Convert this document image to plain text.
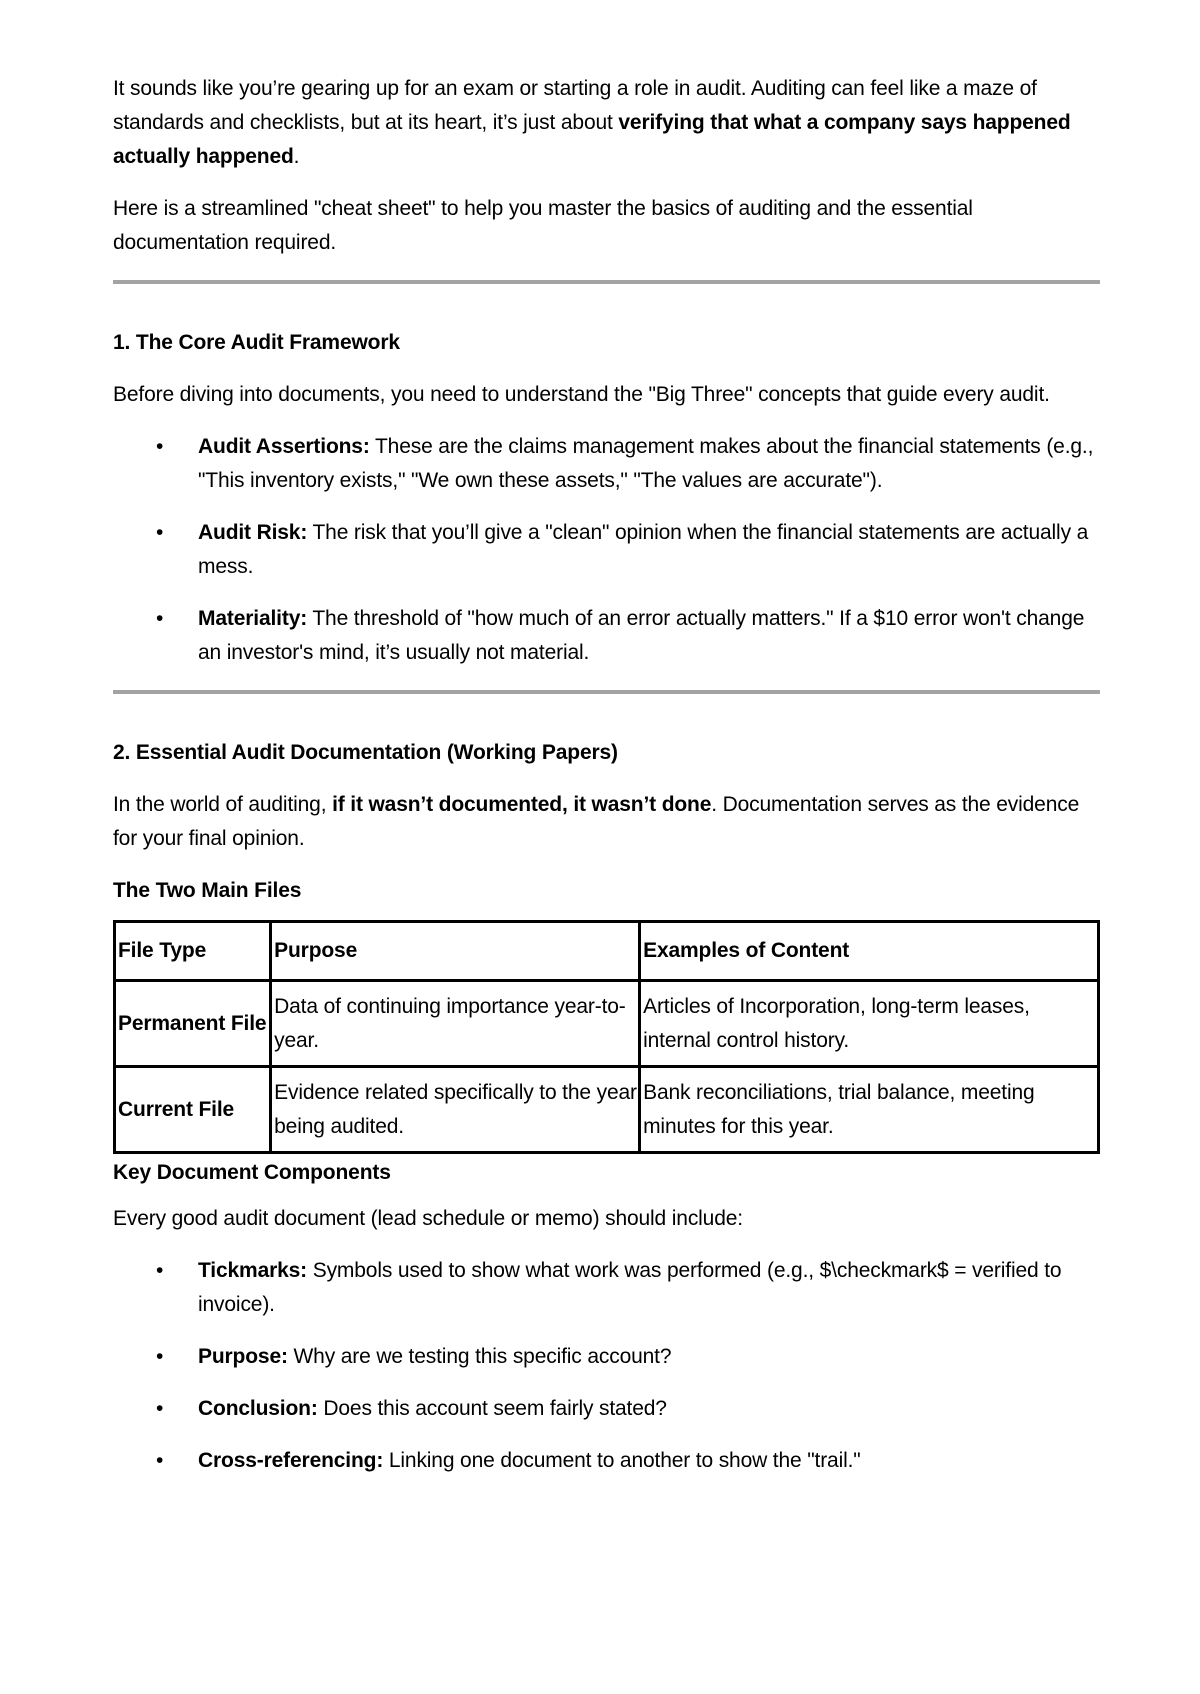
It sounds like you’re gearing up for an exam or starting a role in audit. Auditing can feel like a maze of standards and checklists, but at its heart, it’s just about verifying that what a company says happened actually happened.

Here is a streamlined "cheat sheet" to help you master the basics of auditing and the essential documentation required.

1. The Core Audit Framework

Before diving into documents, you need to understand the "Big Three" concepts that guide every audit.

• Audit Assertions: These are the claims management makes about the financial statements (e.g., "This inventory exists," "We own these assets," "The values are accurate").
• Audit Risk: The risk that you’ll give a "clean" opinion when the financial statements are actually a mess.
• Materiality: The threshold of "how much of an error actually matters." If a $10 error won't change an investor's mind, it’s usually not material.
2. Essential Audit Documentation (Working Papers)

In the world of auditing, if it wasn’t documented, it wasn’t done. Documentation serves as the evidence for your final opinion.

The Two Main Files
File Type	Purpose	Examples of Content
Permanent File	Data of continuing importance year-to-year.	Articles of Incorporation, long-term leases, internal control history.
Current File	Evidence related specifically to the year being audited.	Bank reconciliations, trial balance, meeting minutes for this year.
Key Document Components

Every good audit document (lead schedule or memo) should include:

• Tickmarks: Symbols used to show what work was performed (e.g., $\checkmark$ = verified to invoice).
• Purpose: Why are we testing this specific account?
• Conclusion: Does this account seem fairly stated?
• Cross-referencing: Linking one document to another to show the "trail."
